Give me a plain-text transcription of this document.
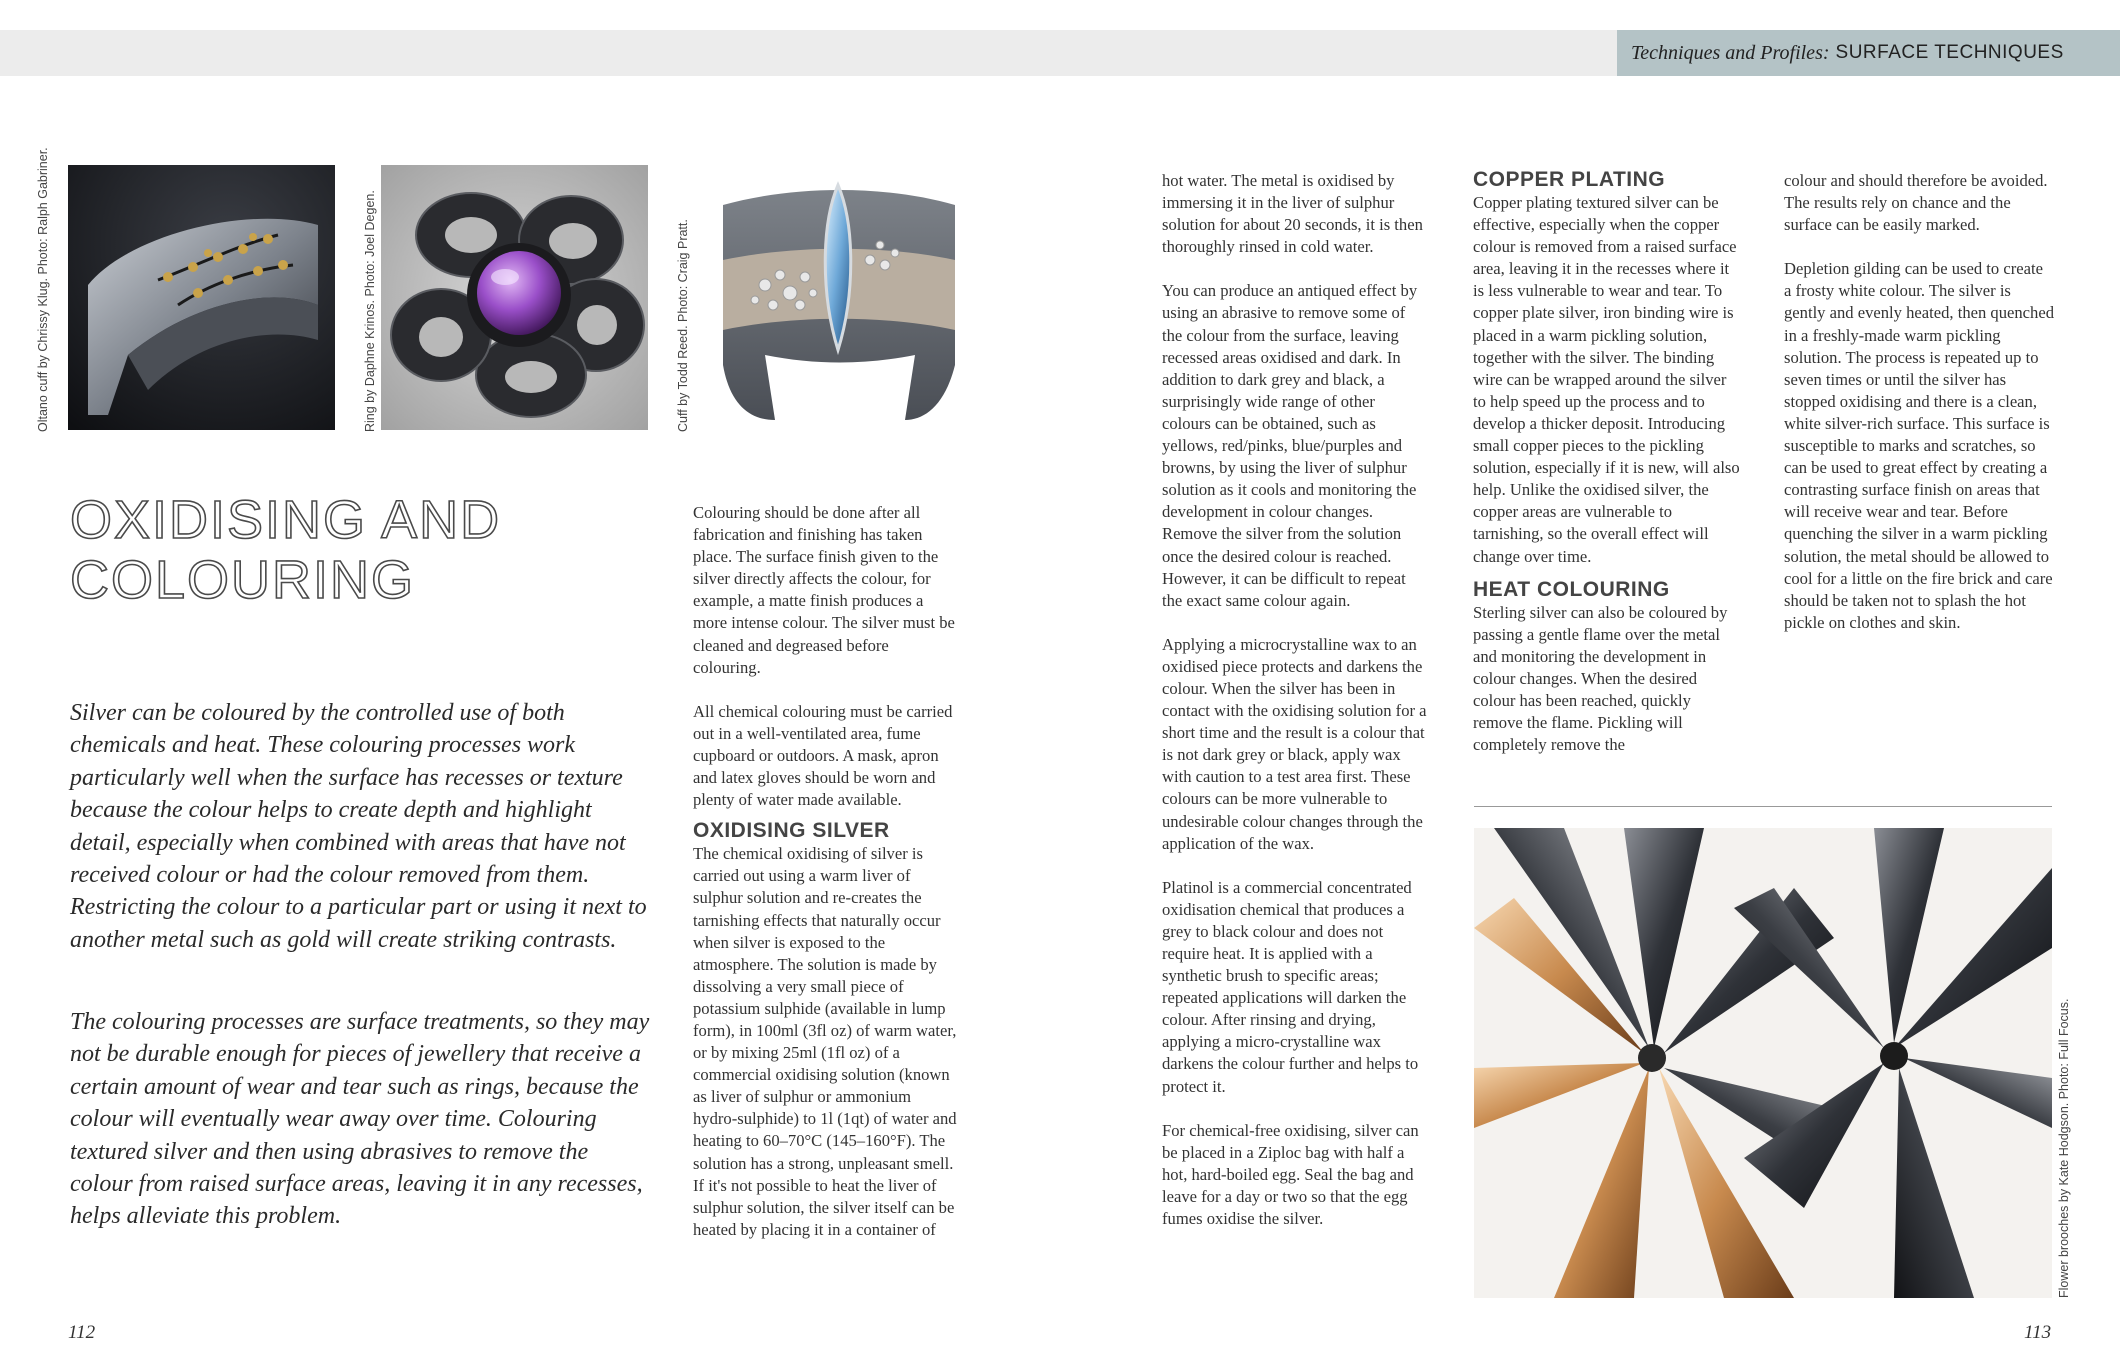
Techniques and Profiles: SURFACE TECHNIQUES
Oltano cuff by Chrissy Klug. Photo: Ralph Gabriner.	Ring by Daphne Krinos. Photo: Joel Degen.	Cuff by Todd Reed. Photo: Craig Pratt.
OXIDISING AND
COLOURING

Silver can be coloured by the controlled use of both chemicals and heat. These colouring processes work particularly well when the surface has recesses or texture because the colour helps to create depth and highlight detail, especially when combined with areas that have not received colour or had the colour removed from them. Restricting the colour to a particular part or using it next to another metal such as gold will create striking contrasts.

The colouring processes are surface treatments, so they may not be durable enough for pieces of jewellery that receive a certain amount of wear and tear such as rings, because the colour will eventually wear away over time. Colouring textured silver and then using abrasives to remove the colour from raised surface areas, leaving it in any recesses, helps alleviate this problem.

Colouring should be done after all fabrication and finishing has taken place. The surface finish given to the silver directly affects the colour, for example, a matte finish produces a more intense colour. The silver must be cleaned and degreased before colouring.

All chemical colouring must be carried out in a well-ventilated area, fume cupboard or outdoors. A mask, apron and latex gloves should be worn and plenty of water made available.

OXIDISING SILVER

The chemical oxidising of silver is carried out using a warm liver of sulphur solution and re-creates the tarnishing effects that naturally occur when silver is exposed to the atmosphere. The solution is made by dissolving a very small piece of potassium sulphide (available in lump form), in 100ml (3fl oz) of warm water, or by mixing 25ml (1fl oz) of a commercial oxidising solution (known as liver of sulphur or ammonium hydro-sulphide) to 1l (1qt) of water and heating to 60–70°C (145–160°F). The solution has a strong, unpleasant smell. If it's not possible to heat the liver of sulphur solution, the silver itself can be heated by placing it in a container of

hot water. The metal is oxidised by immersing it in the liver of sulphur solution for about 20 seconds, it is then thoroughly rinsed in cold water.

You can produce an antiqued effect by using an abrasive to remove some of the colour from the surface, leaving recessed areas oxidised and dark. In addition to dark grey and black, a surprisingly wide range of other colours can be obtained, such as yellows, red/pinks, blue/purples and browns, by using the liver of sulphur solution as it cools and monitoring the development in colour changes. Remove the silver from the solution once the desired colour is reached. However, it can be difficult to repeat the exact same colour again.

Applying a microcrystalline wax to an oxidised piece protects and darkens the colour. When the silver has been in contact with the oxidising solution for a short time and the result is a colour that is not dark grey or black, apply wax with caution to a test area first. These colours can be more vulnerable to undesirable colour changes through the application of the wax.

Platinol is a commercial concentrated oxidisation chemical that produces a grey to black colour and does not require heat. It is applied with a synthetic brush to specific areas; repeated applications will darken the colour. After rinsing and drying, applying a micro-crystalline wax darkens the colour further and helps to protect it.

For chemical-free oxidising, silver can be placed in a Ziploc bag with half a hot, hard-boiled egg. Seal the bag and leave for a day or two so that the egg fumes oxidise the silver.

COPPER PLATING

Copper plating textured silver can be effective, especially when the copper colour is removed from a raised surface area, leaving it in the recesses where it is less vulnerable to wear and tear. To copper plate silver, iron binding wire is placed in a warm pickling solution, together with the silver. The binding wire can be wrapped around the silver to help speed up the process and to develop a thicker deposit. Introducing small copper pieces to the pickling solution, especially if it is new, will also help. Unlike the oxidised silver, the copper areas are vulnerable to tarnishing, so the overall effect will change over time.

HEAT COLOURING

Sterling silver can also be coloured by passing a gentle flame over the metal and monitoring the development in colour changes. When the desired colour has been reached, quickly remove the flame. Pickling will completely remove the

colour and should therefore be avoided. The results rely on chance and the surface can be easily marked.

Depletion gilding can be used to create a frosty white colour. The silver is gently and evenly heated, then quenched in a freshly-made warm pickling solution. The process is repeated up to seven times or until the silver has stopped oxidising and there is a clean, white silver-rich surface. This surface is susceptible to marks and scratches, so can be used to great effect by creating a contrasting surface finish on areas that will receive wear and tear. Before quenching the silver in a warm pickling solution, the metal should be allowed to cool for a little on the fire brick and care should be taken not to splash the hot pickle on clothes and skin.

Flower brooches by Kate Hodgson. Photo: Full Focus.
112	113
